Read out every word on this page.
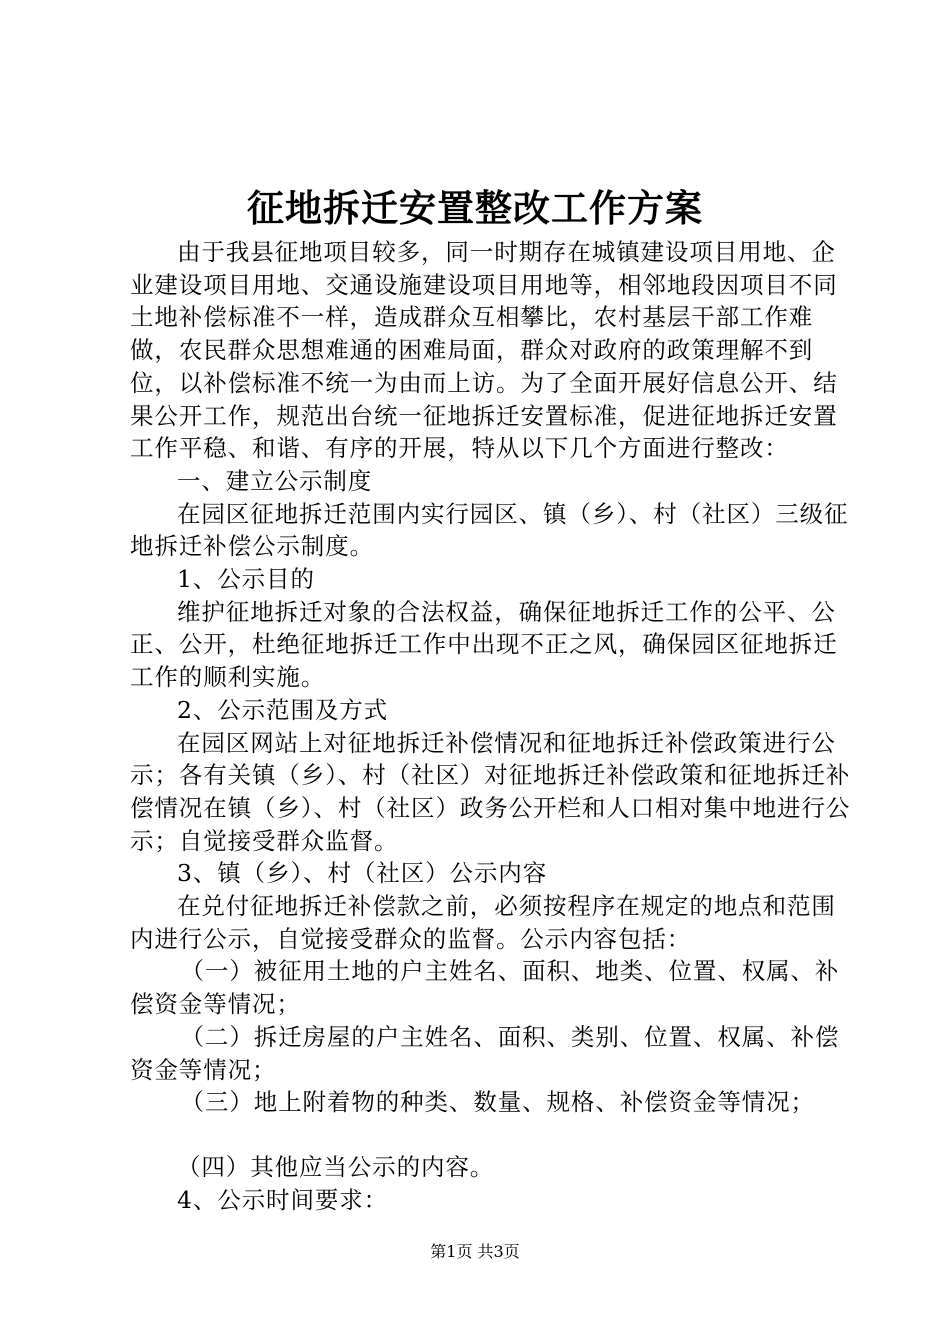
征地拆迁安置整改工作方案

由于我县征地项目较多，同一时期存在城镇建设项目用地、企业建设项目用地、交通设施建设项目用地等，相邻地段因项目不同土地补偿标准不一样，造成群众互相攀比，农村基层干部工作难做，农民群众思想难通的困难局面，群众对政府的政策理解不到位，以补偿标准不统一为由而上访。为了全面开展好信息公开、结果公开工作，规范出台统一征地拆迁安置标准，促进征地拆迁安置工作平稳、和谐、有序的开展，特从以下几个方面进行整改：

一、建立公示制度

在园区征地拆迁范围内实行园区、镇（乡）、村（社区）三级征地拆迁补偿公示制度。

1、公示目的

维护征地拆迁对象的合法权益，确保征地拆迁工作的公平、公正、公开，杜绝征地拆迁工作中出现不正之风，确保园区征地拆迁工作的顺利实施。

2、公示范围及方式

在园区网站上对征地拆迁补偿情况和征地拆迁补偿政策进行公示；各有关镇（乡）、村（社区）对征地拆迁补偿政策和征地拆迁补偿情况在镇（乡）、村（社区）政务公开栏和人口相对集中地进行公示；自觉接受群众监督。

3、镇（乡）、村（社区）公示内容

在兑付征地拆迁补偿款之前，必须按程序在规定的地点和范围内进行公示，自觉接受群众的监督。公示内容包括：

（一）被征用土地的户主姓名、面积、地类、位置、权属、补偿资金等情况；

（二）拆迁房屋的户主姓名、面积、类别、位置、权属、补偿资金等情况；

（三）地上附着物的种类、数量、规格、补偿资金等情况；

（四）其他应当公示的内容。

4、公示时间要求：

第1页 共3页
